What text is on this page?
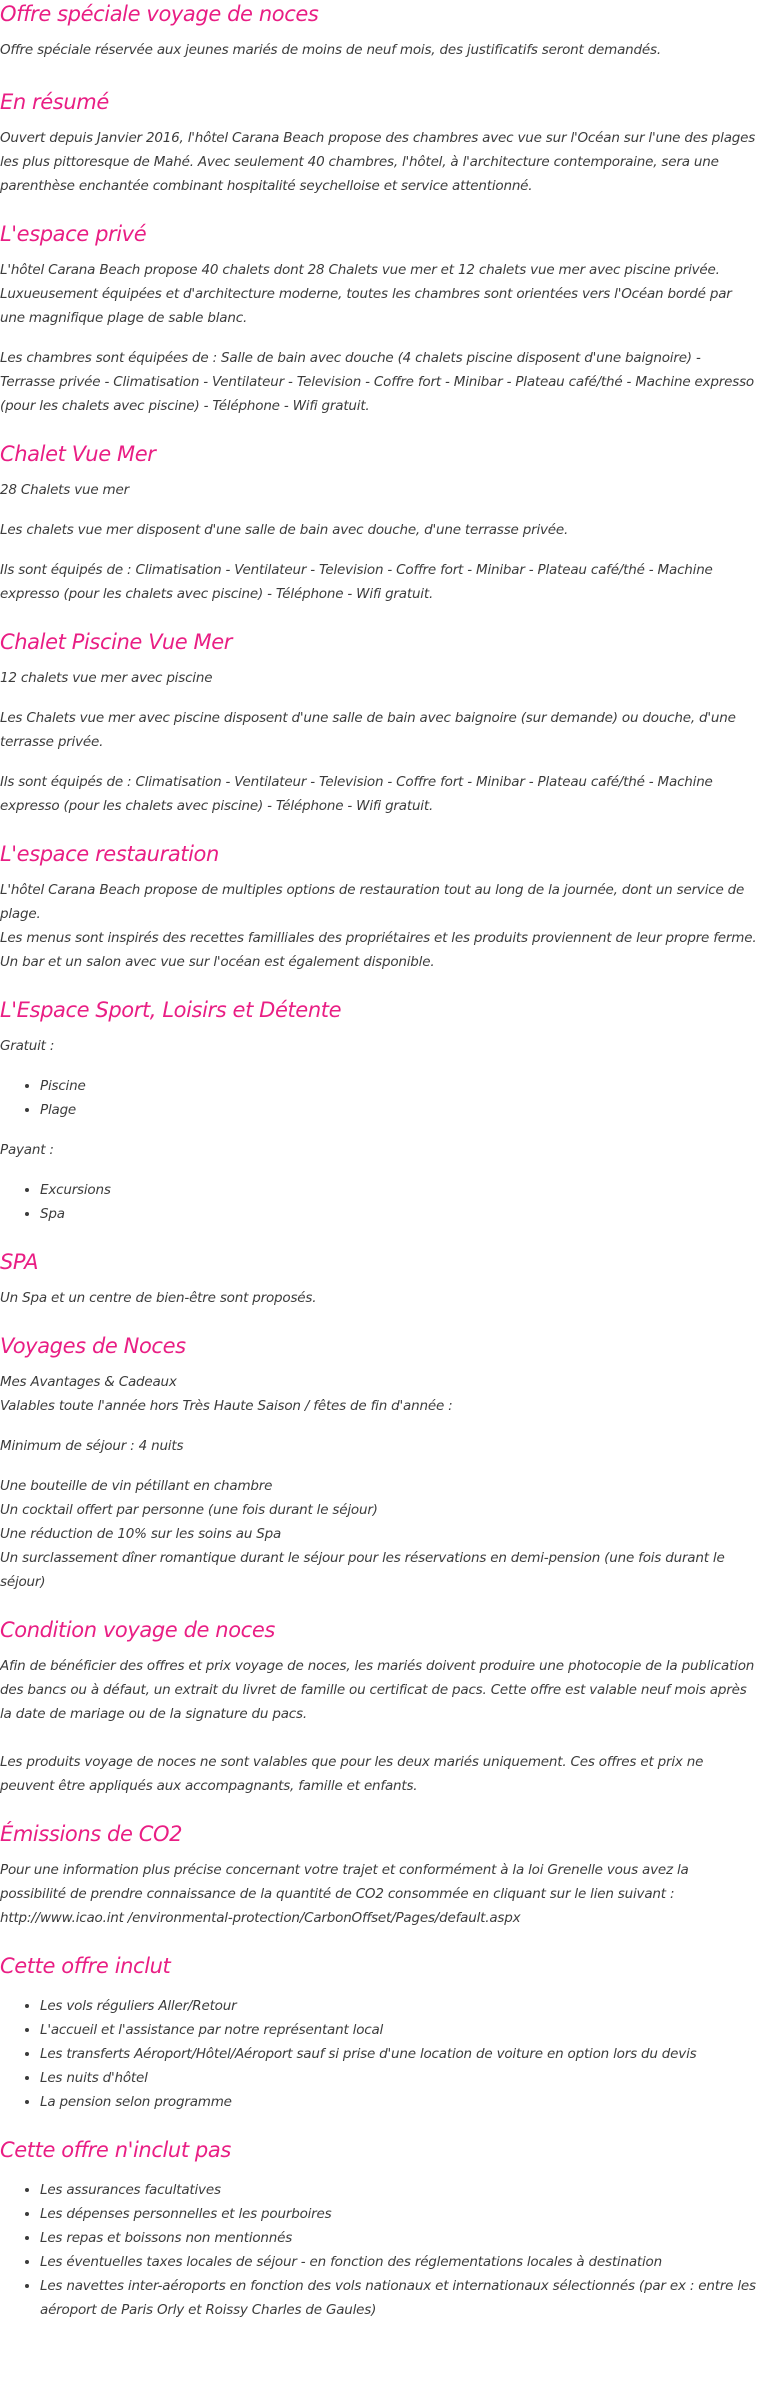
Offre spéciale voyage de noces

Offre spéciale réservée aux jeunes mariés de moins de neuf mois, des justificatifs seront demandés.

En résumé

Ouvert depuis Janvier 2016, l'hôtel Carana Beach propose des chambres avec vue sur l'Océan sur l'une des plages les plus pittoresque de Mahé. Avec seulement 40 chambres, l'hôtel, à l'architecture contemporaine, sera une parenthèse enchantée combinant hospitalité seychelloise et service attentionné.

L'espace privé

L'hôtel Carana Beach propose 40 chalets dont 28 Chalets vue mer et 12 chalets vue mer avec piscine privée. Luxueusement équipées et d'architecture moderne, toutes les chambres sont orientées vers l'Océan bordé par une magnifique plage de sable blanc.

Les chambres sont équipées de : Salle de bain avec douche (4 chalets piscine disposent d'une baignoire) - Terrasse privée - Climatisation - Ventilateur - Television - Coffre fort - Minibar - Plateau café/thé - Machine expresso (pour les chalets avec piscine) - Téléphone - Wifi gratuit.

Chalet Vue Mer

28 Chalets vue mer

Les chalets vue mer disposent d'une salle de bain avec douche, d'une terrasse privée.

Ils sont équipés de : Climatisation - Ventilateur - Television - Coffre fort - Minibar - Plateau café/thé - Machine expresso (pour les chalets avec piscine) - Téléphone - Wifi gratuit.

Chalet Piscine Vue Mer

12 chalets vue mer avec piscine

Les Chalets vue mer avec piscine disposent d'une salle de bain avec baignoire (sur demande) ou douche, d'une terrasse privée.

Ils sont équipés de : Climatisation - Ventilateur - Television - Coffre fort - Minibar - Plateau café/thé - Machine expresso (pour les chalets avec piscine) - Téléphone - Wifi gratuit.

L'espace restauration

L'hôtel Carana Beach propose de multiples options de restauration tout au long de la journée, dont un service de plage.

Les menus sont inspirés des recettes familliales des propriétaires et les produits proviennent de leur propre ferme.

Un bar et un salon avec vue sur l'océan est également disponible.

L'Espace Sport, Loisirs et Détente

Gratuit :

• Piscine
• Plage

Payant :

• Excursions
• Spa
SPA

Un Spa et un centre de bien-être sont proposés.

Voyages de Noces

Mes Avantages & Cadeaux

Valables toute l'année hors Très Haute Saison / fêtes de fin d'année :

Minimum de séjour : 4 nuits

Une bouteille de vin pétillant en chambre

Un cocktail offert par personne (une fois durant le séjour)

Une réduction de 10% sur les soins au Spa

Un surclassement dîner romantique durant le séjour pour les réservations en demi-pension (une fois durant le séjour)

Condition voyage de noces

Afin de bénéficier des offres et prix voyage de noces, les mariés doivent produire une photocopie de la publication des bancs ou à défaut, un extrait du livret de famille ou certificat de pacs. Cette offre est valable neuf mois après la date de mariage ou de la signature du pacs.

Les produits voyage de noces ne sont valables que pour les deux mariés uniquement. Ces offres et prix ne peuvent être appliqués aux accompagnants, famille et enfants.

Émissions de CO2

Pour une information plus précise concernant votre trajet et conformément à la loi Grenelle vous avez la possibilité de prendre connaissance de la quantité de CO2 consommée en cliquant sur le lien suivant : http://www.icao.int /environmental-protection/CarbonOffset/Pages/default.aspx

Cette offre inclut
• Les vols réguliers Aller/Retour
• L'accueil et l'assistance par notre représentant local
• Les transferts Aéroport/Hôtel/Aéroport sauf si prise d'une location de voiture en option lors du devis
• Les nuits d'hôtel
• La pension selon programme
Cette offre n'inclut pas
• Les assurances facultatives
• Les dépenses personnelles et les pourboires
• Les repas et boissons non mentionnés
• Les éventuelles taxes locales de séjour - en fonction des réglementations locales à destination
• Les navettes inter-aéroports en fonction des vols nationaux et internationaux sélectionnés (par ex : entre les aéroport de Paris Orly et Roissy Charles de Gaules)
